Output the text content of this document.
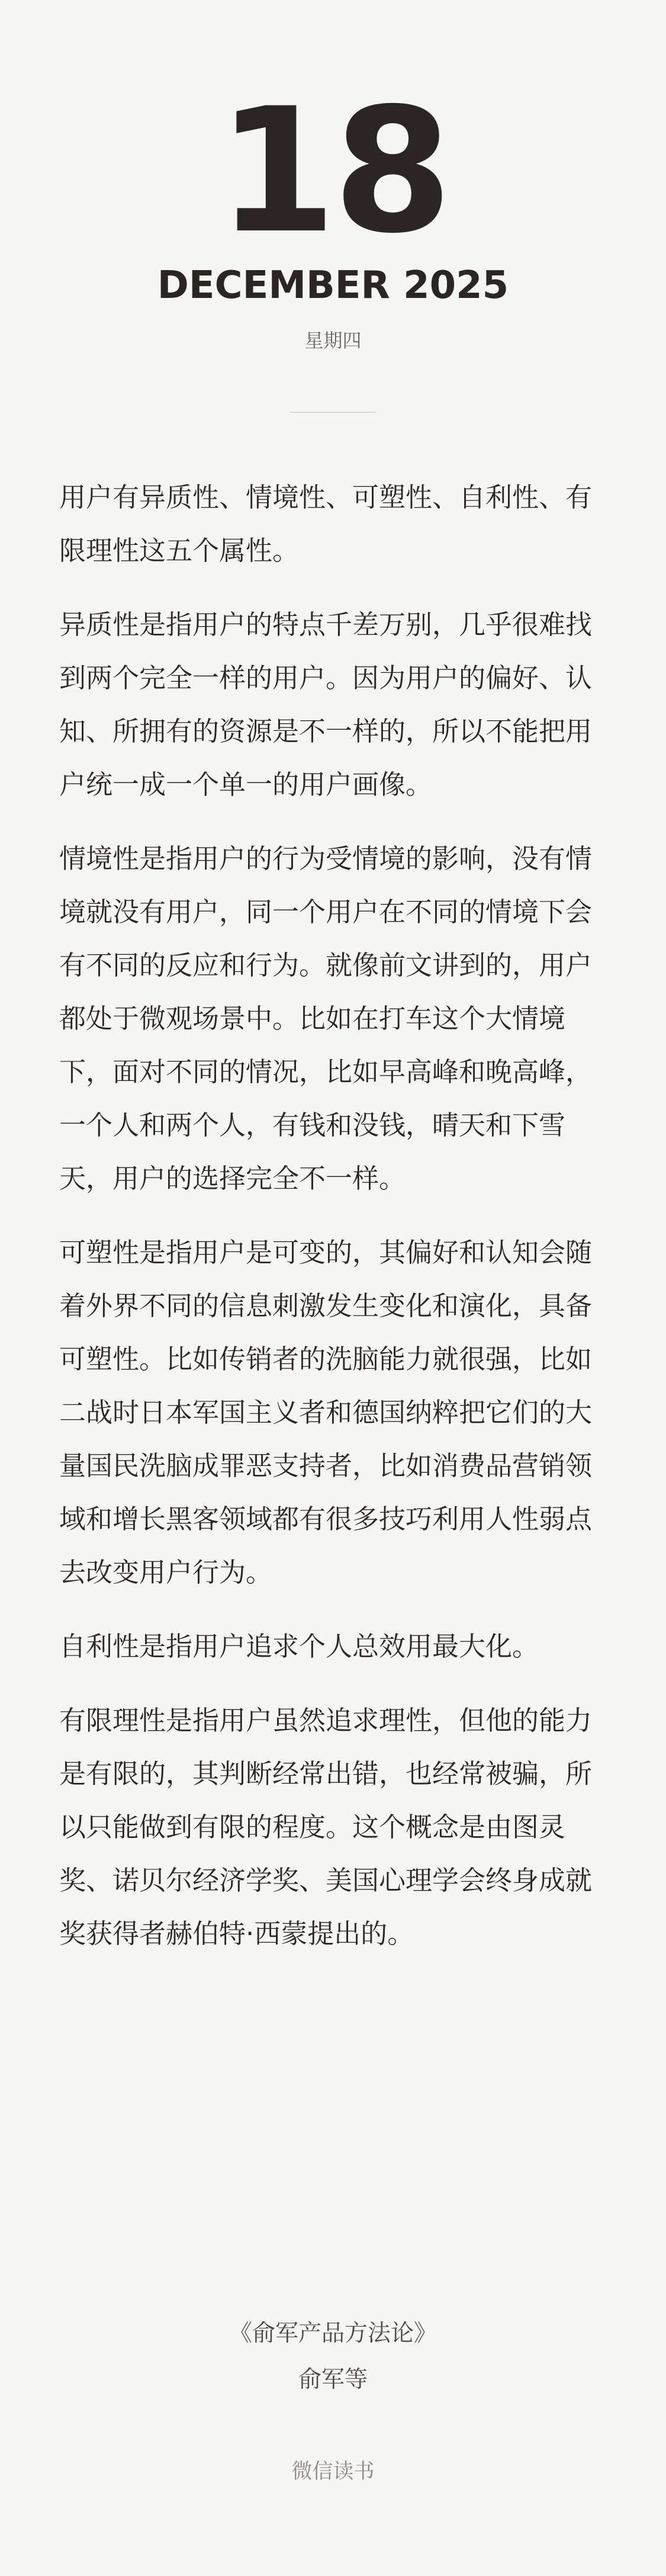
18
DECEMBER 2025
星期四

用户有异质性、情境性、可塑性、自利性、有限理性这五个属性。

异质性是指用户的特点千差万别，几乎很难找到两个完全一样的用户。因为用户的偏好、认知、所拥有的资源是不一样的，所以不能把用户统一成一个单一的用户画像。

情境性是指用户的行为受情境的影响，没有情境就没有用户，同一个用户在不同的情境下会有不同的反应和行为。就像前文讲到的，用户都处于微观场景中。比如在打车这个大情境下，面对不同的情况，比如早高峰和晚高峰，一个人和两个人，有钱和没钱，晴天和下雪天，用户的选择完全不一样。

可塑性是指用户是可变的，其偏好和认知会随着外界不同的信息刺激发生变化和演化，具备可塑性。比如传销者的洗脑能力就很强，比如二战时日本军国主义者和德国纳粹把它们的大量国民洗脑成罪恶支持者，比如消费品营销领域和增长黑客领域都有很多技巧利用人性弱点去改变用户行为。

自利性是指用户追求个人总效用最大化。

有限理性是指用户虽然追求理性，但他的能力是有限的，其判断经常出错，也经常被骗，所以只能做到有限的程度。这个概念是由图灵奖、诺贝尔经济学奖、美国心理学会终身成就奖获得者赫伯特·西蒙提出的。

《俞军产品方法论》
俞军等
微信读书
